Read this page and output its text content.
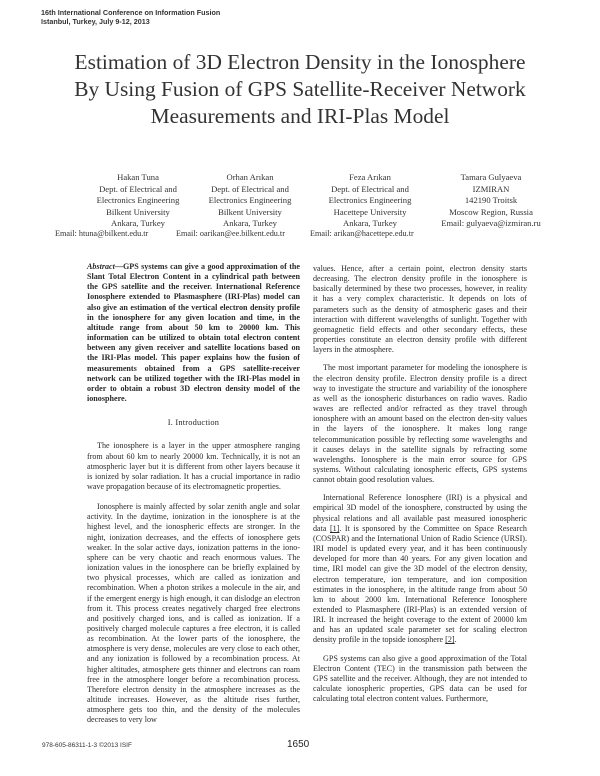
16th International Conference on Information Fusion
Istanbul, Turkey, July 9-12, 2013
Estimation of 3D Electron Density in the Ionosphere
By Using Fusion of GPS Satellite-Receiver Network
Measurements and IRI-Plas Model
Hakan Tuna
Dept. of Electrical and
Electronics Engineering
Bilkent University
Ankara, Turkey
Orhan Arıkan
Dept. of Electrical and
Electronics Engineering
Bilkent University
Ankara, Turkey
Feza Arıkan
Dept. of Electrical and
Electronics Engineering
Hacettepe University
Ankara, Turkey
Tamara Gulyaeva
IZMIRAN
142190 Troitsk
Moscow Region, Russia
Email: gulyaeva@izmiran.ru
Email: htuna@bilkent.edu.tr	Email: oarikan@ee.bilkent.edu.tr	Email: arikan@hacettepe.edu.tr

Abstract—GPS systems can give a good approximation of the Slant Total Electron Content in a cylindrical path between the GPS satellite and the receiver. International Reference Ionosphere extended to Plasmasphere (IRI-Plas) model can also give an estimation of the vertical electron density profile in the ionosphere for any given location and time, in the altitude range from about 50 km to 20000 km. This information can be utilized to obtain total electron content between any given receiver and satellite locations based on the IRI-Plas model. This paper explains how the fusion of measurements obtained from a GPS satellite-receiver network can be utilized together with the IRI-Plas model in order to obtain a robust 3D electron density model of the ionosphere.

I. Introduction

The ionosphere is a layer in the upper atmosphere ranging from about 60 km to nearly 20000 km. Technically, it is not an atmospheric layer but it is different from other layers because it is ionized by solar radiation. It has a crucial importance in radio wave propagation because of its electromagnetic properties.

Ionosphere is mainly affected by solar zenith angle and solar activity. In the daytime, ionization in the ionosphere is at the highest level, and the ionospheric effects are stronger. In the night, ionization decreases, and the effects of ionosphere gets weaker. In the solar active days, ionization patterns in the iono-sphere can be very chaotic and reach enormous values. The ionization values in the ionosphere can be briefly explained by two physical processes, which are called as ionization and recombination. When a photon strikes a molecule in the air, and if the emergent energy is high enough, it can dislodge an electron from it. This process creates negatively charged free electrons and positively charged ions, and is called as ionization. If a positively charged molecule captures a free electron, it is called as recombination. At the lower parts of the ionosphere, the atmosphere is very dense, molecules are very close to each other, and any ionization is followed by a recombination process. At higher altitudes, atmosphere gets thinner and electrons can roam free in the atmosphere longer before a recombination process. Therefore electron density in the atmosphere increases as the altitude increases. However, as the altitude rises further, atmosphere gets too thin, and the density of the molecules decreases to very low

values. Hence, after a certain point, electron density starts decreasing. The electron density profile in the ionosphere is basically determined by these two processes, however, in reality it has a very complex characteristic. It depends on lots of parameters such as the density of atmospheric gases and their interaction with different wavelengths of sunlight. Together with geomagnetic field effects and other secondary effects, these properties constitute an electron density profile with different layers in the atmosphere.

The most important parameter for modeling the ionosphere is the electron density profile. Electron density profile is a direct way to investigate the structure and variability of the ionosphere as well as the ionospheric disturbances on radio waves. Radio waves are reflected and/or refracted as they travel through ionosphere with an amount based on the electron den-sity values in the layers of the ionosphere. It makes long range telecommunication possible by reflecting some wavelengths and it causes delays in the satellite signals by refracting some wavelengths. Ionosphere is the main error source for GPS systems. Without calculating ionospheric effects, GPS systems cannot obtain good resolution values.

International Reference Ionosphere (IRI) is a physical and empirical 3D model of the ionosphere, constructed by using the physical relations and all available past measured ionospheric data [1]. It is sponsored by the Committee on Space Research (COSPAR) and the International Union of Radio Science (URSI). IRI model is updated every year, and it has been continuously developed for more than 40 years. For any given location and time, IRI model can give the 3D model of the electron density, electron temperature, ion temperature, and ion composition estimates in the ionosphere, in the altitude range from about 50 km to about 2000 km. International Reference Ionosphere extended to Plasmasphere (IRI-Plas) is an extended version of IRI. It increased the height coverage to the extent of 20000 km and has an updated scale parameter set for scaling electron density profile in the topside ionosphere [2].

GPS systems can also give a good approximation of the Total Electron Content (TEC) in the transmission path between the GPS satellite and the receiver. Although, they are not intended to calculate ionospheric properties, GPS data can be used for calculating total electron content values. Furthermore,

978-605-86311-1-3 ©2013 ISIF	1650
